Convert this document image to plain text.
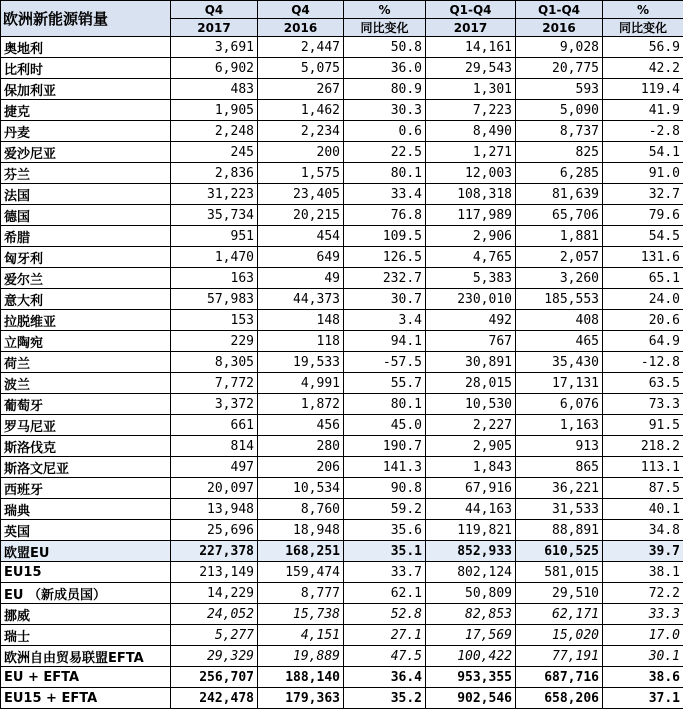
欧洲新能源销量	Q4	Q4	%	Q1-Q4	Q1-Q4	%
	2017	2016	同比变化	2017	2016	同比变化
奥地利	3,691	2,447	50.8	14,161	9,028	56.9
比利时	6,902	5,075	36.0	29,543	20,775	42.2
保加利亚	483	267	80.9	1,301	593	119.4
捷克	1,905	1,462	30.3	7,223	5,090	41.9
丹麦	2,248	2,234	0.6	8,490	8,737	-2.8
爱沙尼亚	245	200	22.5	1,271	825	54.1
芬兰	2,836	1,575	80.1	12,003	6,285	91.0
法国	31,223	23,405	33.4	108,318	81,639	32.7
德国	35,734	20,215	76.8	117,989	65,706	79.6
希腊	951	454	109.5	2,906	1,881	54.5
匈牙利	1,470	649	126.5	4,765	2,057	131.6
爱尔兰	163	49	232.7	5,383	3,260	65.1
意大利	57,983	44,373	30.7	230,010	185,553	24.0
拉脱维亚	153	148	3.4	492	408	20.6
立陶宛	229	118	94.1	767	465	64.9
荷兰	8,305	19,533	-57.5	30,891	35,430	-12.8
波兰	7,772	4,991	55.7	28,015	17,131	63.5
葡萄牙	3,372	1,872	80.1	10,530	6,076	73.3
罗马尼亚	661	456	45.0	2,227	1,163	91.5
斯洛伐克	814	280	190.7	2,905	913	218.2
斯洛文尼亚	497	206	141.3	1,843	865	113.1
西班牙	20,097	10,534	90.8	67,916	36,221	87.5
瑞典	13,948	8,760	59.2	44,163	31,533	40.1
英国	25,696	18,948	35.6	119,821	88,891	34.8
欧盟EU	227,378	168,251	35.1	852,933	610,525	39.7
EU15	213,149	159,474	33.7	802,124	581,015	38.1
EU （新成员国）	14,229	8,777	62.1	50,809	29,510	72.2
挪威	24,052	15,738	52.8	82,853	62,171	33.3
瑞士	5,277	4,151	27.1	17,569	15,020	17.0
欧洲自由贸易联盟EFTA	29,329	19,889	47.5	100,422	77,191	30.1
EU + EFTA	256,707	188,140	36.4	953,355	687,716	38.6
EU15 + EFTA	242,478	179,363	35.2	902,546	658,206	37.1
